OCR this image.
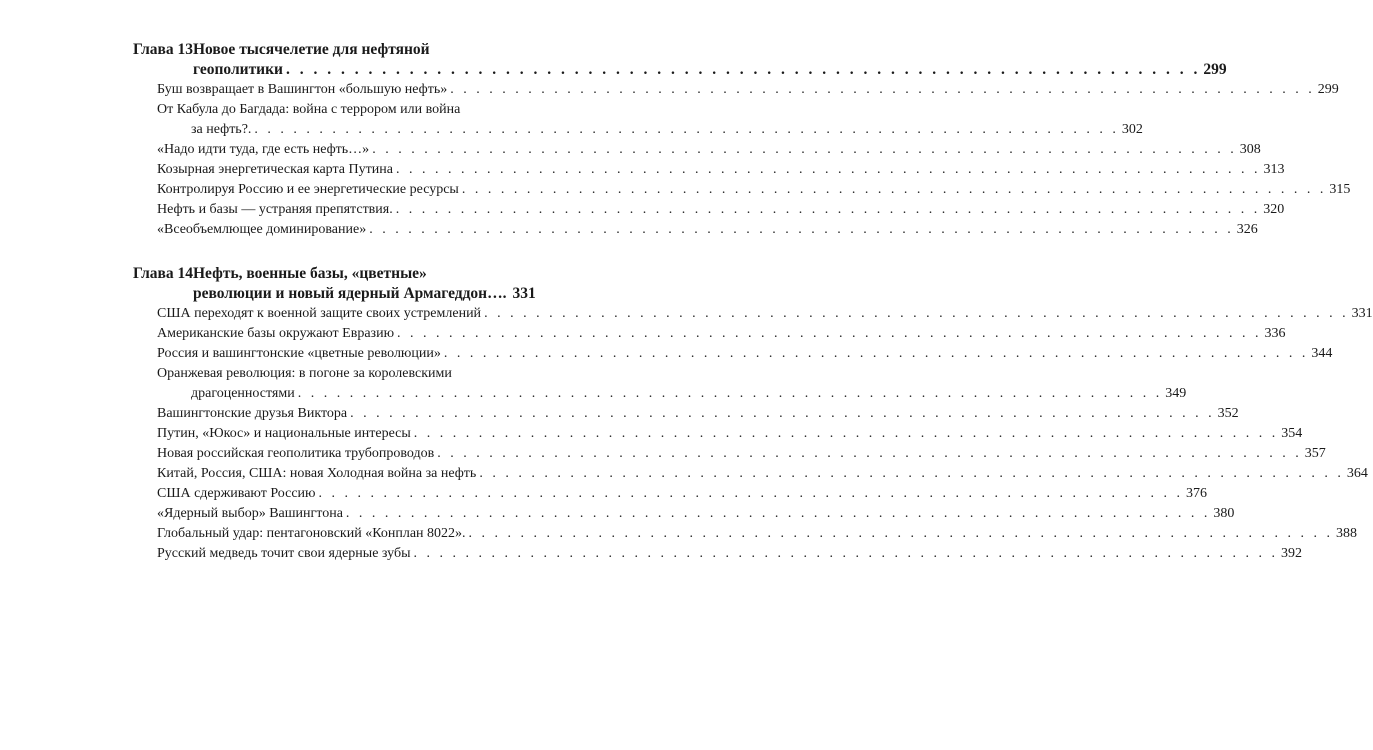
Глава 13 Новое тысячелетие для нефтяной
геополитики . . .	299
Буш возвращает в Вашингтон «большую нефть» . . .	299
От Кабула до Багдада: война с террором или война
за нефть?. . . .	302
«Надо идти туда, где есть нефть…» . . .	308
Козырная энергетическая карта Путина . . .	313
Контролируя Россию и ее энергетические ресурсы . . .	315
Нефть и базы — устраняя препятствия. . . .	320
«Всеобъемлющее доминирование» . . .	326
Глава 14 Нефть, военные базы, «цветные»
революции и новый ядерный Армагеддон…. 331
США переходят к военной защите своих устремлений . . .	331
Американские базы окружают Евразию . . .	336
Россия и вашингтонские «цветные революции» . . .	344
Оранжевая революция: в погоне за королевскими
драгоценностями . . .	349
Вашингтонские друзья Виктора . . .	352
Путин, «Юкос» и национальные интересы . . .	354
Новая российская геополитика трубопроводов . . .	357
Китай, Россия, США: новая Холодная война за нефть . . .	364
США сдерживают Россию . . .	376
«Ядерный выбор» Вашингтона . . .	380
Глобальный удар: пентагоновский «Конплан 8022». . . .	388
Русский медведь точит свои ядерные зубы . . .	392
